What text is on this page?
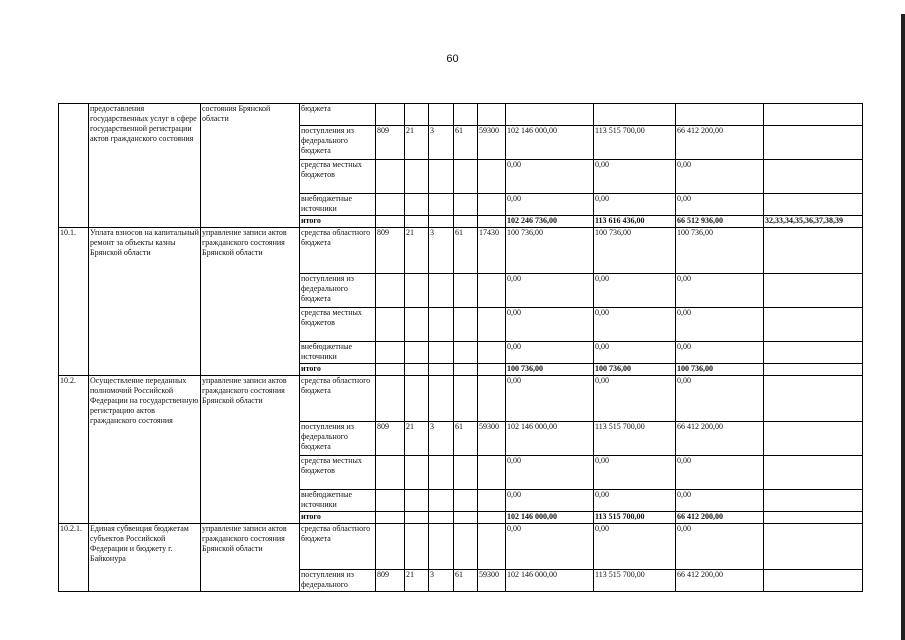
60
	предоставления государственных услуг в сфере государственной регистрации актов гражданского состояния	состояния Брянской области	бюджета									
			поступления из федерального бюджета	809	21	3	61	59300	102 146 000,00	113 515 700,00	66 412 200,00	
			средства местных бюджетов						0,00	0,00	0,00	
			внебюджетные источники						0,00	0,00	0,00	
			итого						102 246 736,00	113 616 436,00	66 512 936,00	32,33,34,35,36,37,38,39
10.1.	Уплата взносов на капитальный ремонт за объекты казны Брянской области	управление записи актов гражданского состояния Брянской области	средства областного бюджета	809	21	3	61	17430	100 736,00	100 736,00	100 736,00	
			поступления из федерального бюджета						0,00	0,00	0,00	
			средства местных бюджетов						0,00	0,00	0,00	
			внебюджетные источники						0,00	0,00	0,00	
			итого						100 736,00	100 736,00	100 736,00	
10.2.	Осуществление переданных полномочий Российской Федерации на государственную регистрацию актов гражданского состояния	управление записи актов гражданского состояния Брянской области	средства областного бюджета						0,00	0,00	0,00	
			поступления из федерального бюджета	809	21	3	61	59300	102 146 000,00	113 515 700,00	66 412 200,00	
			средства местных бюджетов						0,00	0,00	0,00	
			внебюджетные источники						0,00	0,00	0,00	
			итого						102 146 000,00	113 515 700,00	66 412 200,00	
10.2.1.	Единая субвенция бюджетам субъектов Российской Федерации и бюджету г. Байконура	управление записи актов гражданского состояния Брянской области	средства областного бюджета						0,00	0,00	0,00	
			поступления из федерального	809	21	3	61	59300	102 146 000,00	113 515 700,00	66 412 200,00	
